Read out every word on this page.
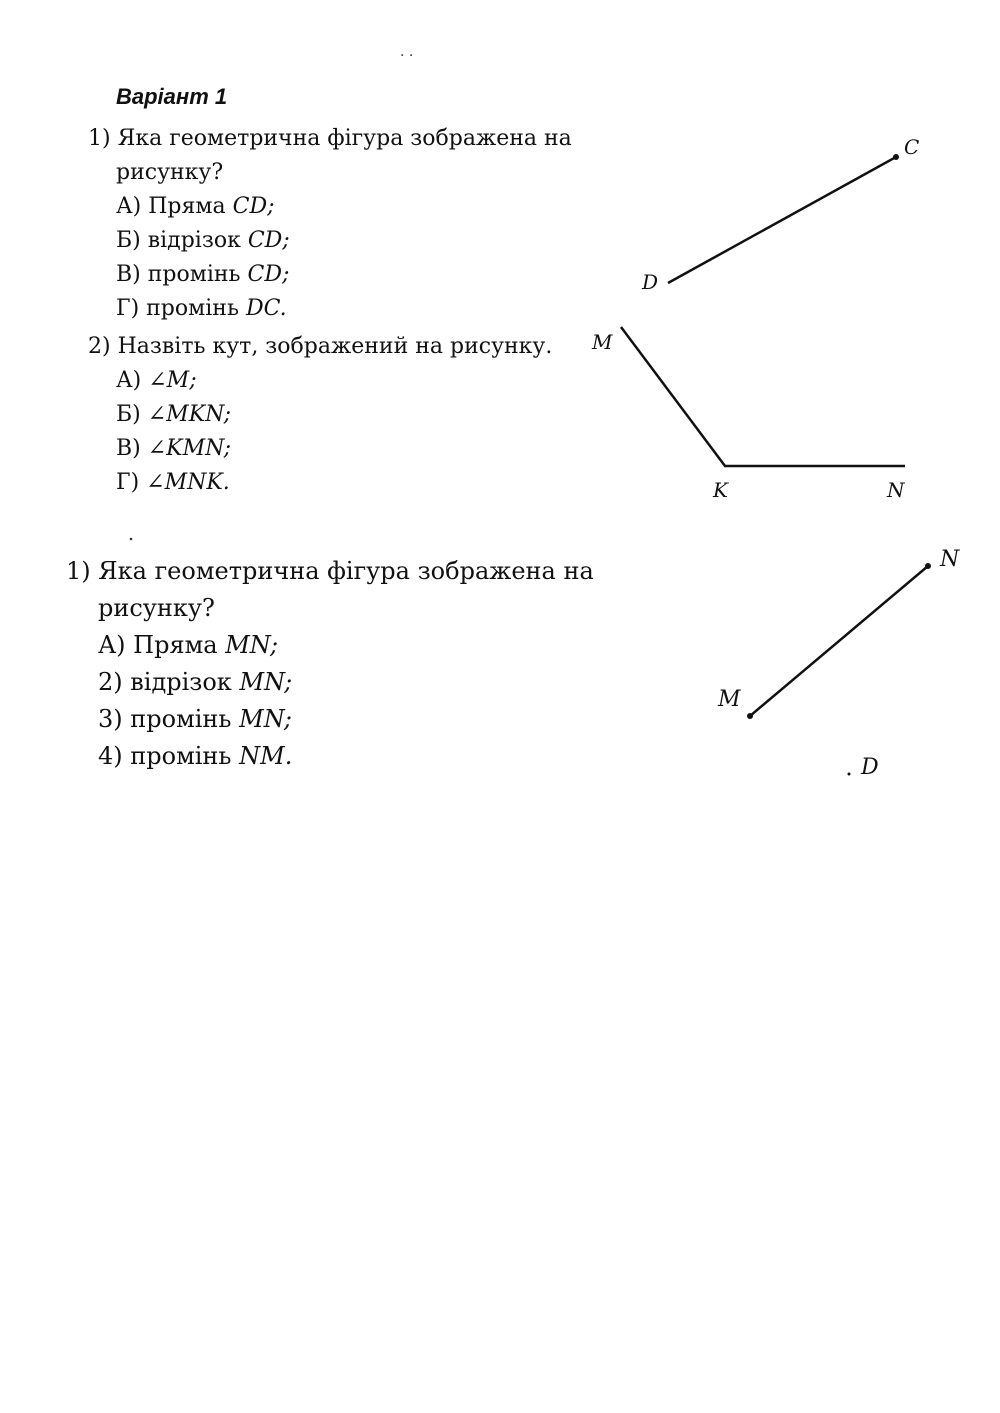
· ·
Варіант 1
1) Яка геометрична фігура зображена на
рисунку?
А) Пряма CD;
Б) відрізок CD;
В) промінь CD;
Г) промінь DC.
2) Назвіть кут, зображений на рисунку.
А) ∠M;
Б) ∠MKN;
В) ∠KMN;
Г) ∠MNK.
1) Яка геометрична фігура зображена на
рисунку?
А) Пряма MN;
2) відрізок MN;
3) промінь MN;
4) промінь NM.
C
D
M
K	N
N
M
D
